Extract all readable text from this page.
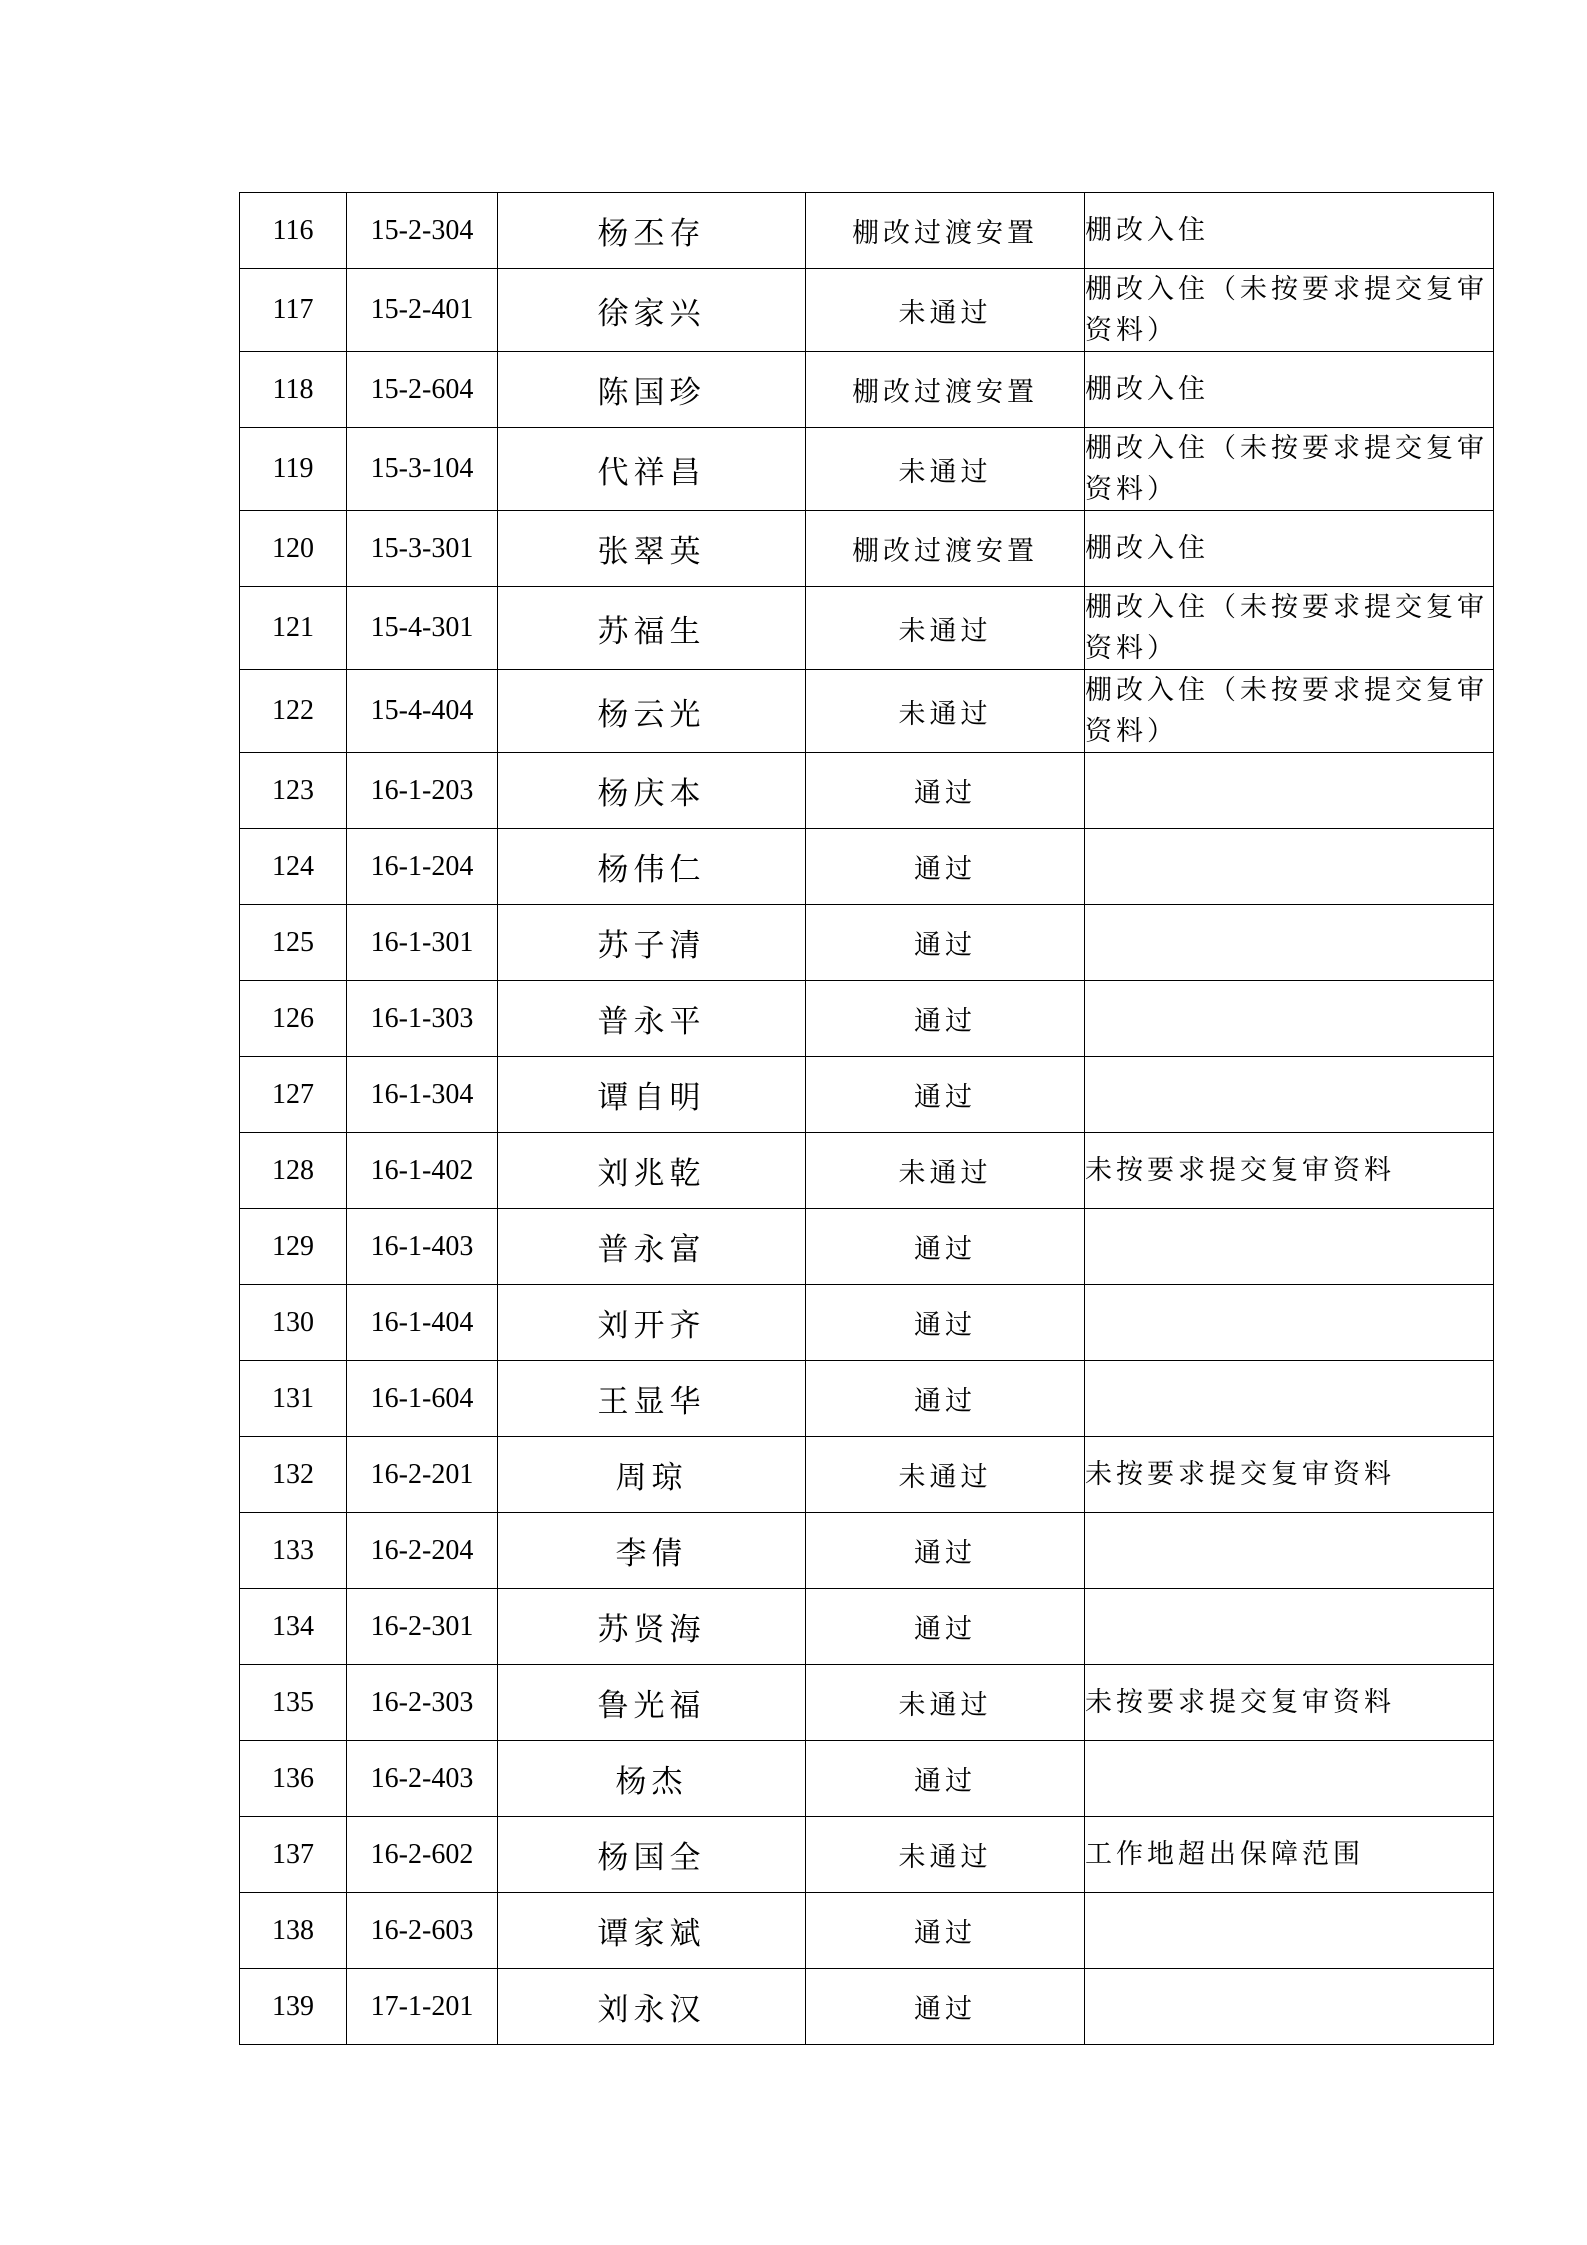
116	15-2-304	杨丕存	棚改过渡安置	棚改入住
117	15-2-401	徐家兴	未通过	棚改入住（未按要求提交复审资料）
118	15-2-604	陈国珍	棚改过渡安置	棚改入住
119	15-3-104	代祥昌	未通过	棚改入住（未按要求提交复审资料）
120	15-3-301	张翠英	棚改过渡安置	棚改入住
121	15-4-301	苏福生	未通过	棚改入住（未按要求提交复审资料）
122	15-4-404	杨云光	未通过	棚改入住（未按要求提交复审资料）
123	16-1-203	杨庆本	通过	
124	16-1-204	杨伟仁	通过	
125	16-1-301	苏子清	通过	
126	16-1-303	普永平	通过	
127	16-1-304	谭自明	通过	
128	16-1-402	刘兆乾	未通过	未按要求提交复审资料
129	16-1-403	普永富	通过	
130	16-1-404	刘开齐	通过	
131	16-1-604	王显华	通过	
132	16-2-201	周琼	未通过	未按要求提交复审资料
133	16-2-204	李倩	通过	
134	16-2-301	苏贤海	通过	
135	16-2-303	鲁光福	未通过	未按要求提交复审资料
136	16-2-403	杨杰	通过	
137	16-2-602	杨国全	未通过	工作地超出保障范围
138	16-2-603	谭家斌	通过	
139	17-1-201	刘永汉	通过	
